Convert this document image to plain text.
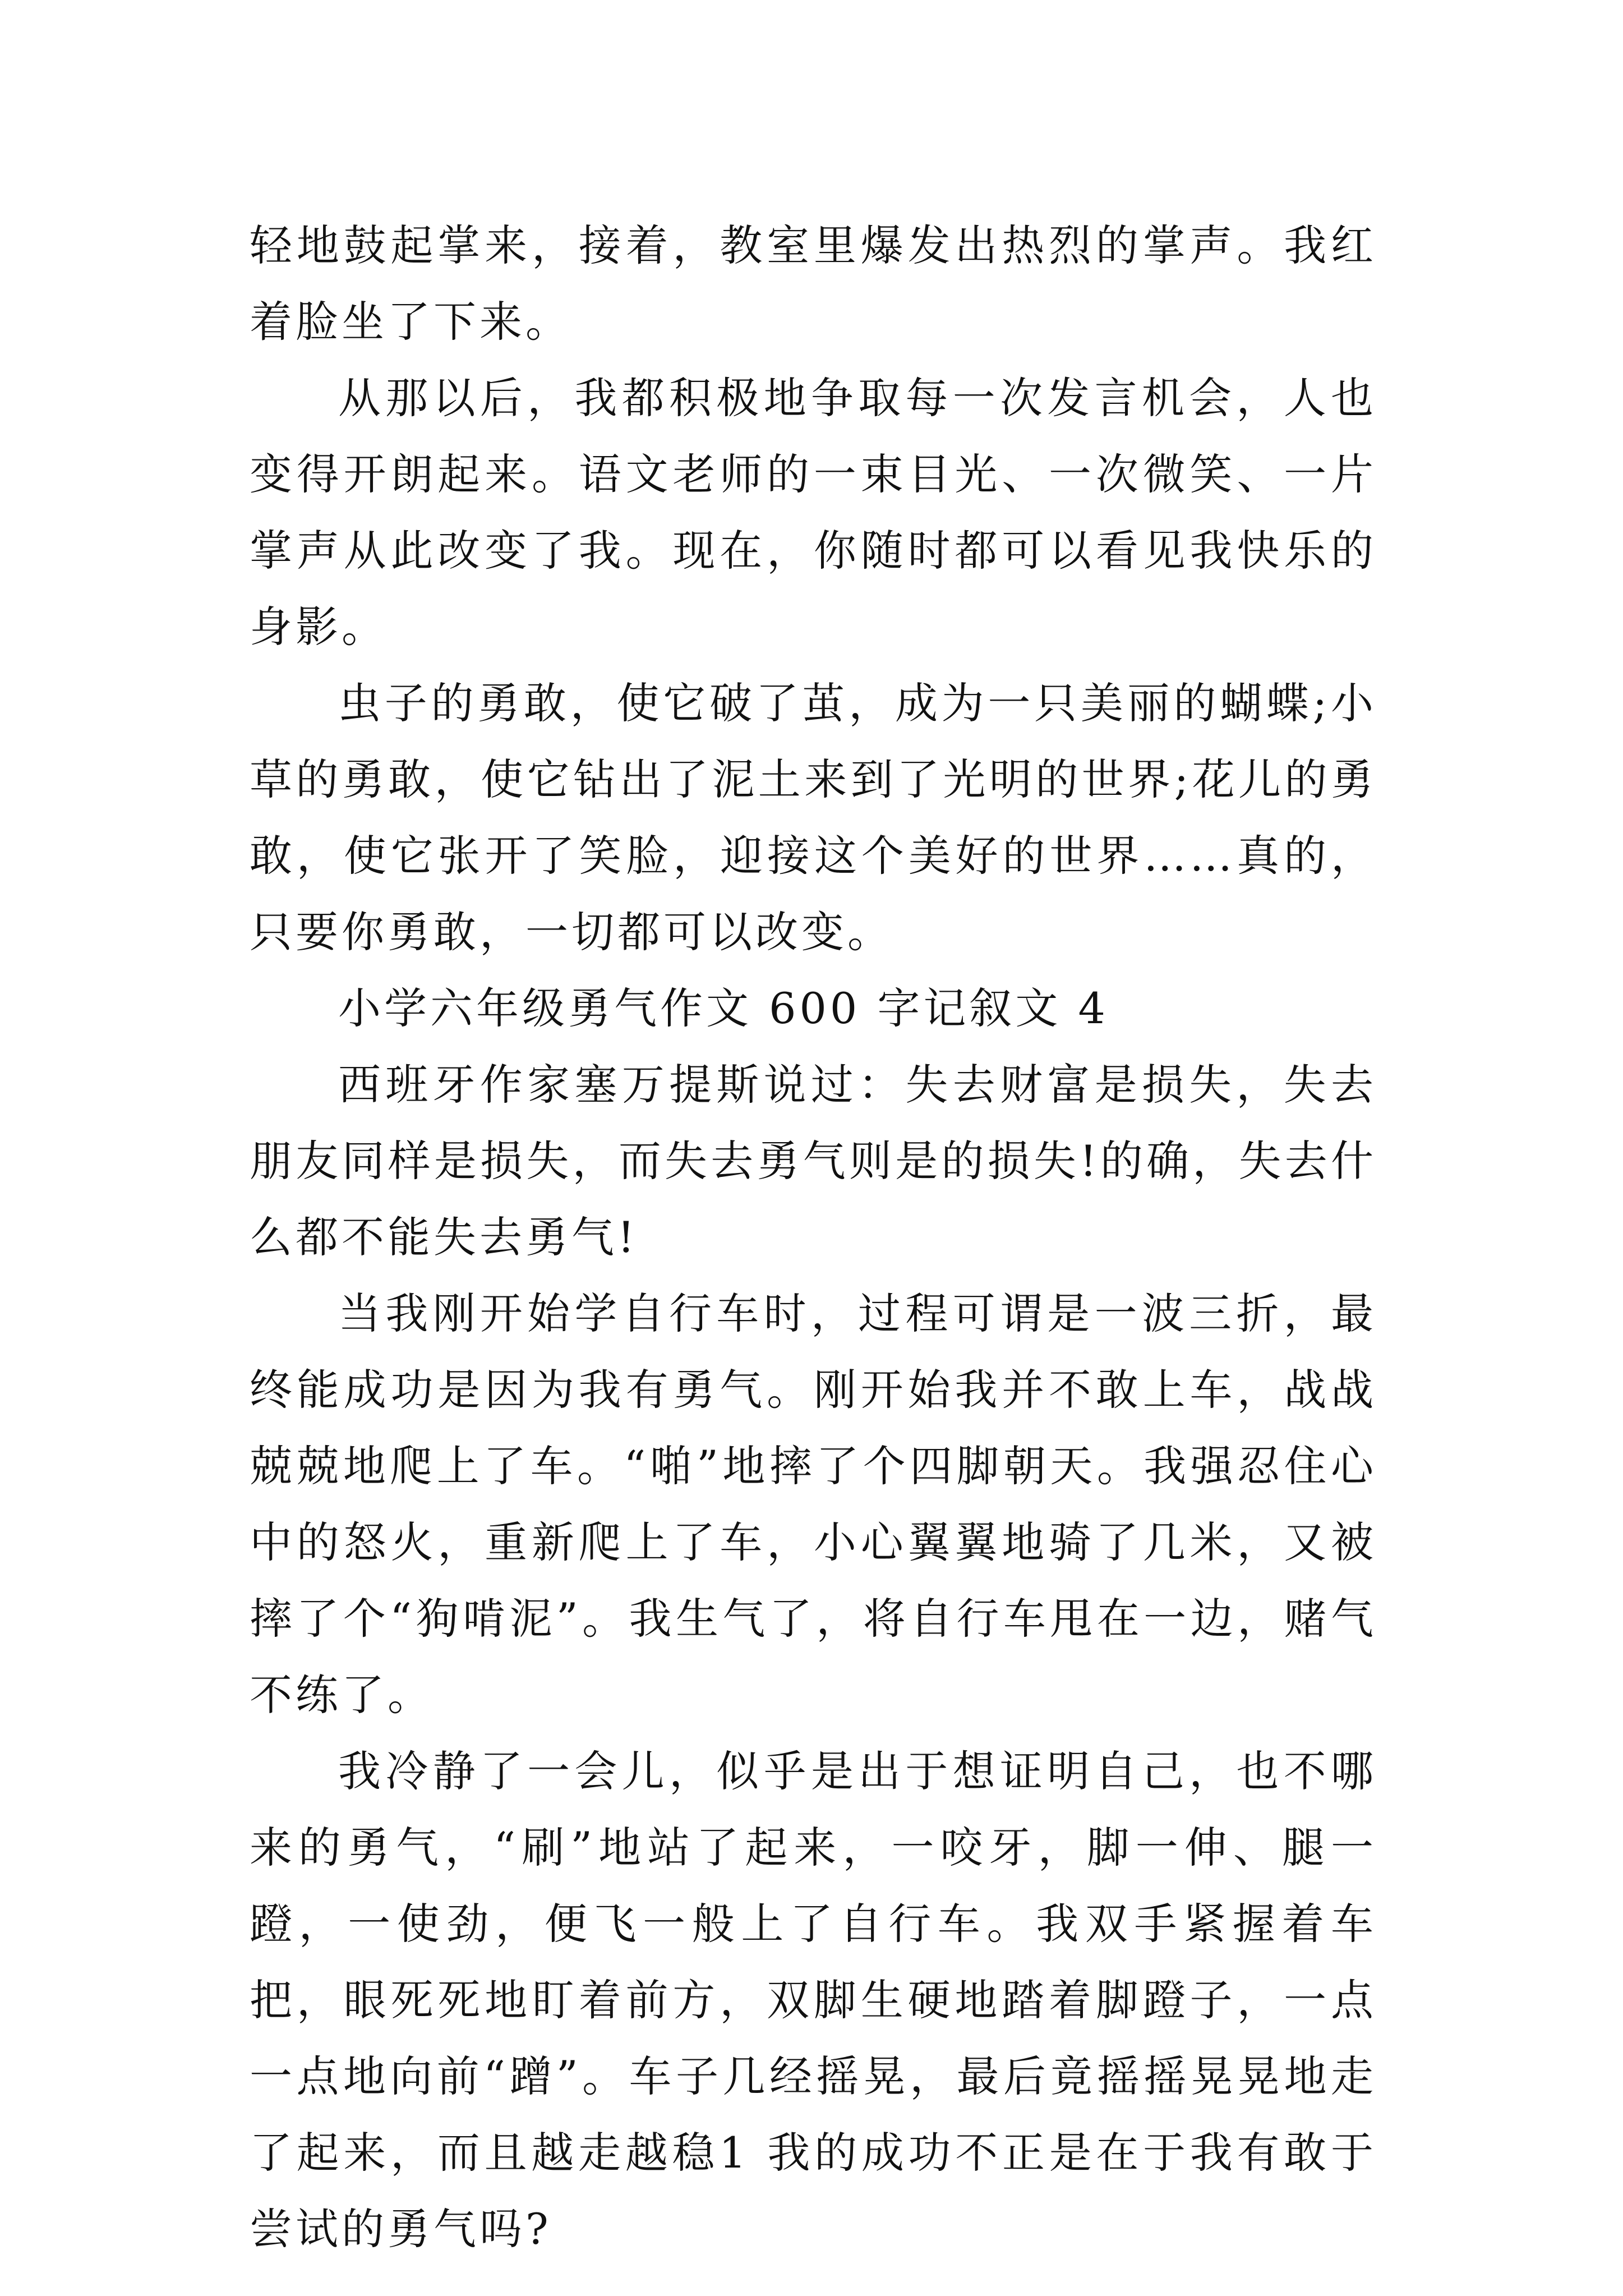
轻地鼓起掌来，接着，教室里爆发出热烈的掌声。我红着脸坐了下来。

从那以后，我都积极地争取每一次发言机会，人也变得开朗起来。语文老师的一束目光、一次微笑、一片掌声从此改变了我。现在，你随时都可以看见我快乐的身影。

虫子的勇敢，使它破了茧，成为一只美丽的蝴蝶;小草的勇敢，使它钻出了泥土来到了光明的世界;花儿的勇敢，使它张开了笑脸，迎接这个美好的世界……真的，只要你勇敢，一切都可以改变。

小学六年级勇气作文 600 字记叙文 4

西班牙作家塞万提斯说过：失去财富是损失，失去朋友同样是损失，而失去勇气则是的损失!的确，失去什么都不能失去勇气!

当我刚开始学自行车时，过程可谓是一波三折，最终能成功是因为我有勇气。刚开始我并不敢上车，战战兢兢地爬上了车。“啪”地摔了个四脚朝天。我强忍住心中的怒火，重新爬上了车，小心翼翼地骑了几米，又被摔了个“狗啃泥”。我生气了，将自行车甩在一边，赌气不练了。

我冷静了一会儿，似乎是出于想证明自己，也不哪来的勇气，“刷”地站了起来，一咬牙，脚一伸、腿一蹬，一使劲，便飞一般上了自行车。我双手紧握着车把，眼死死地盯着前方，双脚生硬地踏着脚蹬子，一点一点地向前“蹭”。车子几经摇晃，最后竟摇摇晃晃地走了起来，而且越走越稳1 我的成功不正是在于我有敢于尝试的勇气吗?
